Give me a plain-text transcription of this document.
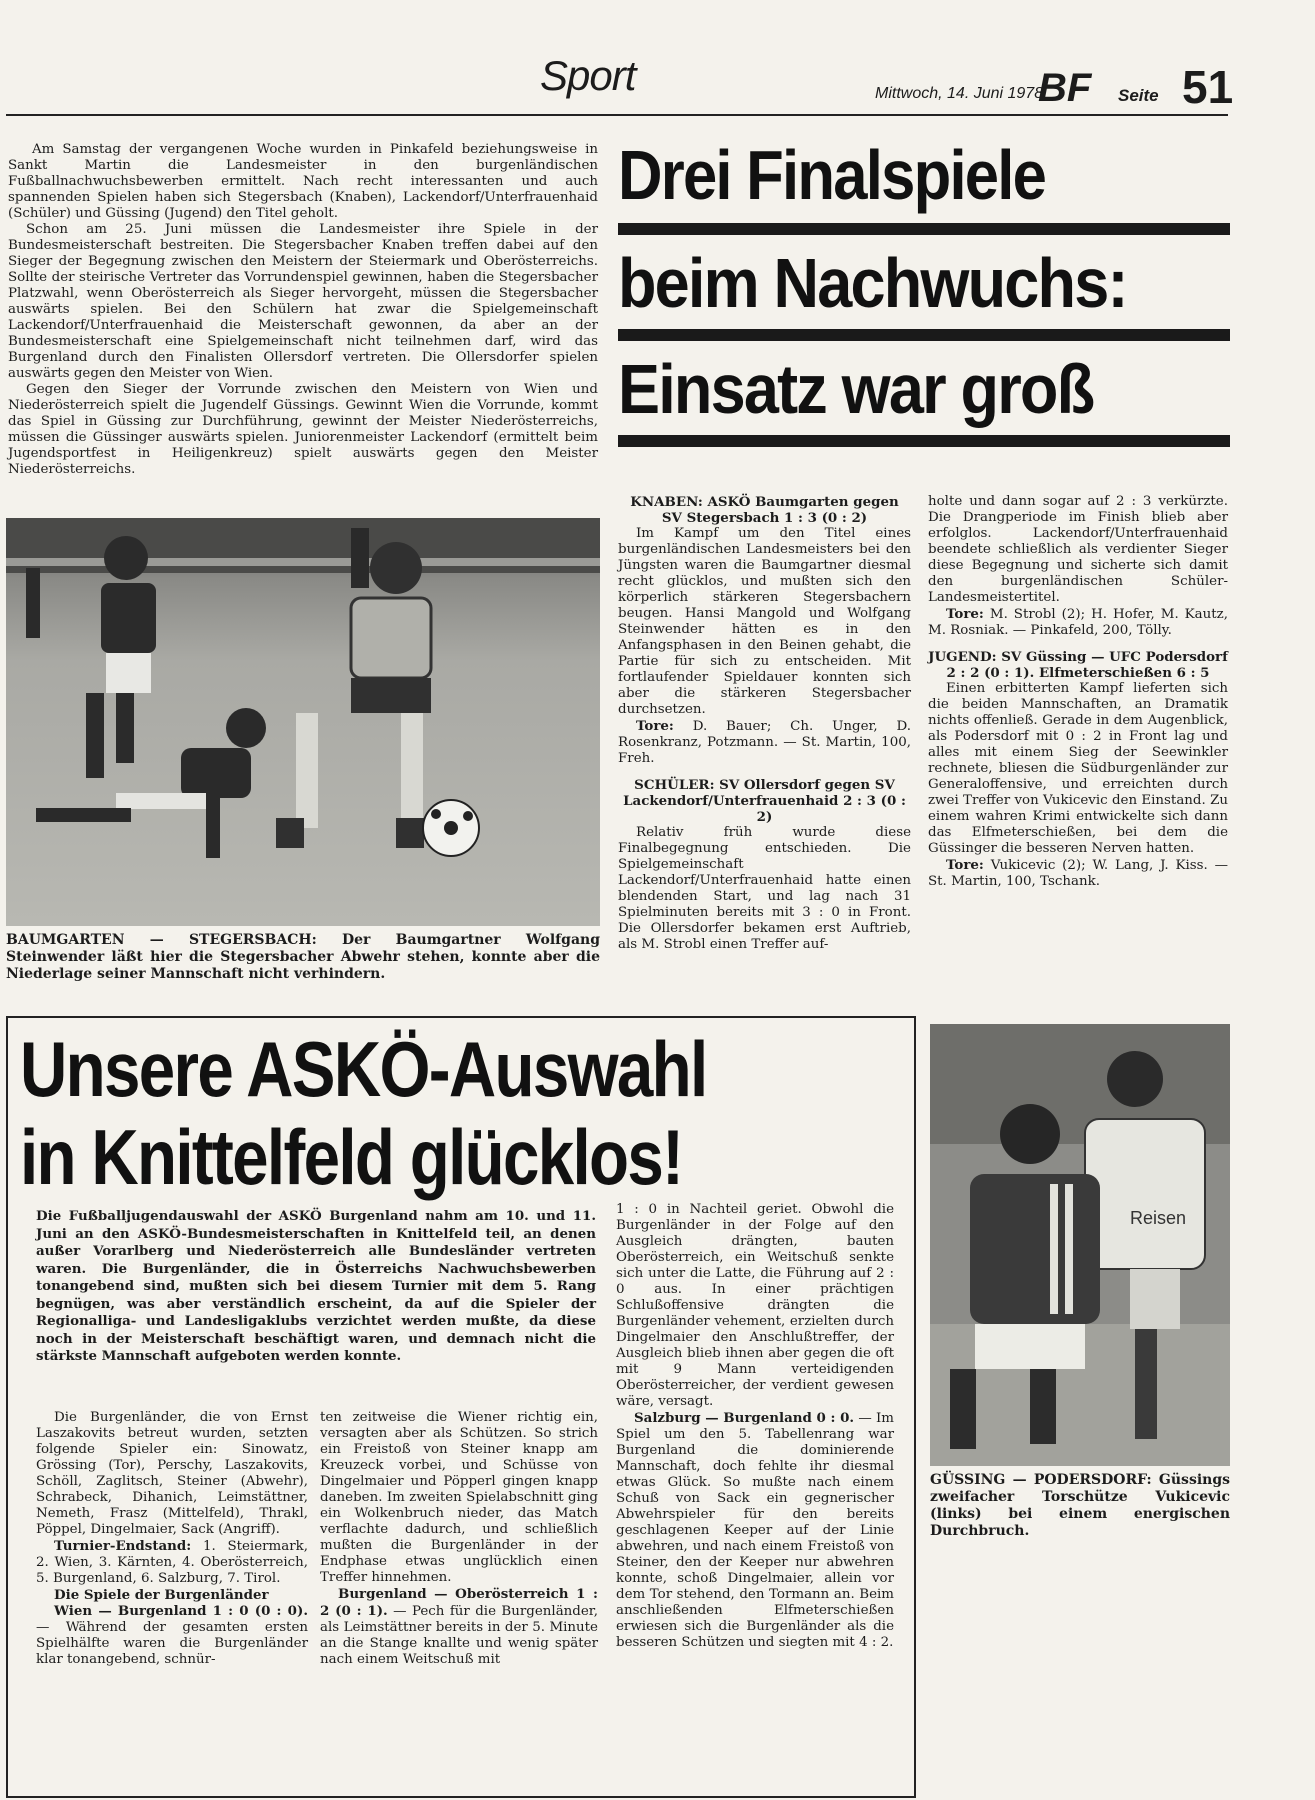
Sport	Mittwoch, 14. Juni 1978
BF Seite 51

Am Samstag der vergangenen Woche wurden in Pinkafeld beziehungsweise in Sankt Martin die Landesmeister in den burgenländischen Fußballnachwuchsbewerben ermittelt. Nach recht interessanten und auch spannenden Spielen haben sich Stegersbach (Knaben), Lackendorf/Unterfrauenhaid (Schüler) und Güssing (Jugend) den Titel geholt.

Schon am 25. Juni müssen die Landesmeister ihre Spiele in der Bundesmeisterschaft bestreiten. Die Stegersbacher Knaben treffen dabei auf den Sieger der Begegnung zwischen den Meistern der Steiermark und Oberösterreichs. Sollte der steirische Vertreter das Vorrundenspiel gewinnen, haben die Stegersbacher Platzwahl, wenn Oberösterreich als Sieger hervorgeht, müssen die Stegersbacher auswärts spielen. Bei den Schülern hat zwar die Spielgemeinschaft Lackendorf/Unterfrauenhaid die Meisterschaft gewonnen, da aber an der Bundesmeisterschaft eine Spielgemeinschaft nicht teilnehmen darf, wird das Burgenland durch den Finalisten Ollersdorf vertreten. Die Ollersdorfer spielen auswärts gegen den Meister von Wien.

Gegen den Sieger der Vorrunde zwischen den Meistern von Wien und Niederösterreich spielt die Jugendelf Güssings. Gewinnt Wien die Vorrunde, kommt das Spiel in Güssing zur Durchführung, gewinnt der Meister Niederösterreichs, müssen die Güssinger auswärts spielen. Juniorenmeister Lackendorf (ermittelt beim Jugendsportfest in Heiligenkreuz) spielt auswärts gegen den Meister Niederösterreichs.

Drei Finalspiele
beim Nachwuchs:
Einsatz war groß
BAUMGARTEN — STEGERSBACH: Der Baumgartner Wolfgang Steinwender läßt hier die Stegersbacher Abwehr stehen, konnte aber die Niederlage seiner Mannschaft nicht verhindern.
KNABEN: ASKÖ Baumgarten gegen SV Stegersbach 1 : 3 (0 : 2)

Im Kampf um den Titel eines burgenländischen Landesmeisters bei den Jüngsten waren die Baumgartner diesmal recht glücklos, und mußten sich den körperlich stärkeren Stegersbachern beugen. Hansi Mangold und Wolfgang Steinwender hätten es in den Anfangsphasen in den Beinen gehabt, die Partie für sich zu entscheiden. Mit fortlaufender Spieldauer konnten sich aber die stärkeren Stegersbacher durchsetzen.

Tore: D. Bauer; Ch. Unger, D. Rosenkranz, Potzmann. — St. Martin, 100, Freh.

SCHÜLER: SV Ollersdorf gegen SV Lackendorf/Unterfrauenhaid 2 : 3 (0 : 2)

Relativ früh wurde diese Finalbegegnung entschieden. Die Spielgemeinschaft Lackendorf/Unterfrauenhaid hatte einen blendenden Start, und lag nach 31 Spielminuten bereits mit 3 : 0 in Front. Die Ollersdorfer bekamen erst Auftrieb, als M. Strobl einen Treffer auf-

holte und dann sogar auf 2 : 3 verkürzte. Die Drangperiode im Finish blieb aber erfolglos. Lackendorf/Unterfrauenhaid beendete schließlich als verdienter Sieger diese Begegnung und sicherte sich damit den burgenländischen Schüler-Landesmeistertitel.

Tore: M. Strobl (2); H. Hofer, M. Kautz, M. Rosniak. — Pinkafeld, 200, Tölly.

JUGEND: SV Güssing — UFC Podersdorf 2 : 2 (0 : 1). Elfmeterschießen 6 : 5

Einen erbitterten Kampf lieferten sich die beiden Mannschaften, an Dramatik nichts offenließ. Gerade in dem Augenblick, als Podersdorf mit 0 : 2 in Front lag und alles mit einem Sieg der Seewinkler rechnete, bliesen die Südburgenländer zur Generaloffensive, und erreichten durch zwei Treffer von Vukicevic den Einstand. Zu einem wahren Krimi entwickelte sich dann das Elfmeterschießen, bei dem die Güssinger die besseren Nerven hatten.

Tore: Vukicevic (2); W. Lang, J. Kiss. — St. Martin, 100, Tschank.

Unsere ASKÖ-Auswahl
in Knittelfeld glücklos!
Die Fußballjugendauswahl der ASKÖ Burgenland nahm am 10. und 11. Juni an den ASKÖ-Bundesmeisterschaften in Knittelfeld teil, an denen außer Vorarlberg und Niederösterreich alle Bundesländer vertreten waren. Die Burgenländer, die in Österreichs Nachwuchsbewerben tonangebend sind, mußten sich bei diesem Turnier mit dem 5. Rang begnügen, was aber verständlich erscheint, da auf die Spieler der Regionalliga- und Landesligaklubs verzichtet werden mußte, da diese noch in der Meisterschaft beschäftigt waren, und demnach nicht die stärkste Mannschaft aufgeboten werden konnte.

Die Burgenländer, die von Ernst Laszakovits betreut wurden, setzten folgende Spieler ein: Sinowatz, Grössing (Tor), Perschy, Laszakovits, Schöll, Zaglitsch, Steiner (Abwehr), Schrabeck, Dihanich, Leimstättner, Nemeth, Frasz (Mittelfeld), Thrakl, Pöppel, Dingelmaier, Sack (Angriff).

Turnier-Endstand: 1. Steiermark, 2. Wien, 3. Kärnten, 4. Oberösterreich, 5. Burgenland, 6. Salzburg, 7. Tirol.

Die Spiele der Burgenländer

Wien — Burgenland 1 : 0 (0 : 0). — Während der gesamten ersten Spielhälfte waren die Burgenländer klar tonangebend, schnür-

ten zeitweise die Wiener richtig ein, versagten aber als Schützen. So strich ein Freistoß von Steiner knapp am Kreuzeck vorbei, und Schüsse von Dingelmaier und Pöpperl gingen knapp daneben. Im zweiten Spielabschnitt ging ein Wolkenbruch nieder, das Match verflachte dadurch, und schließlich mußten die Burgenländer in der Endphase etwas unglücklich einen Treffer hinnehmen.

Burgenland — Oberösterreich 1 : 2 (0 : 1). — Pech für die Burgenländer, als Leimstättner bereits in der 5. Minute an die Stange knallte und wenig später nach einem Weitschuß mit

1 : 0 in Nachteil geriet. Obwohl die Burgenländer in der Folge auf den Ausgleich drängten, bauten Oberösterreich, ein Weitschuß senkte sich unter die Latte, die Führung auf 2 : 0 aus. In einer prächtigen Schlußoffensive drängten die Burgenländer vehement, erzielten durch Dingelmaier den Anschlußtreffer, der Ausgleich blieb ihnen aber gegen die oft mit 9 Mann verteidigenden Oberösterreicher, der verdient gewesen wäre, versagt.

Salzburg — Burgenland 0 : 0. — Im Spiel um den 5. Tabellenrang war Burgenland die dominierende Mannschaft, doch fehlte ihr diesmal etwas Glück. So mußte nach einem Schuß von Sack ein gegnerischer Abwehrspieler für den bereits geschlagenen Keeper auf der Linie abwehren, und nach einem Freistoß von Steiner, den der Keeper nur abwehren konnte, schoß Dingelmaier, allein vor dem Tor stehend, den Tormann an. Beim anschließenden Elfmeterschießen erwiesen sich die Burgenländer als die besseren Schützen und siegten mit 4 : 2.

Reisen
GÜSSING — PODERSDORF: Güssings zweifacher Torschütze Vukicevic (links) bei einem energischen Durchbruch.
